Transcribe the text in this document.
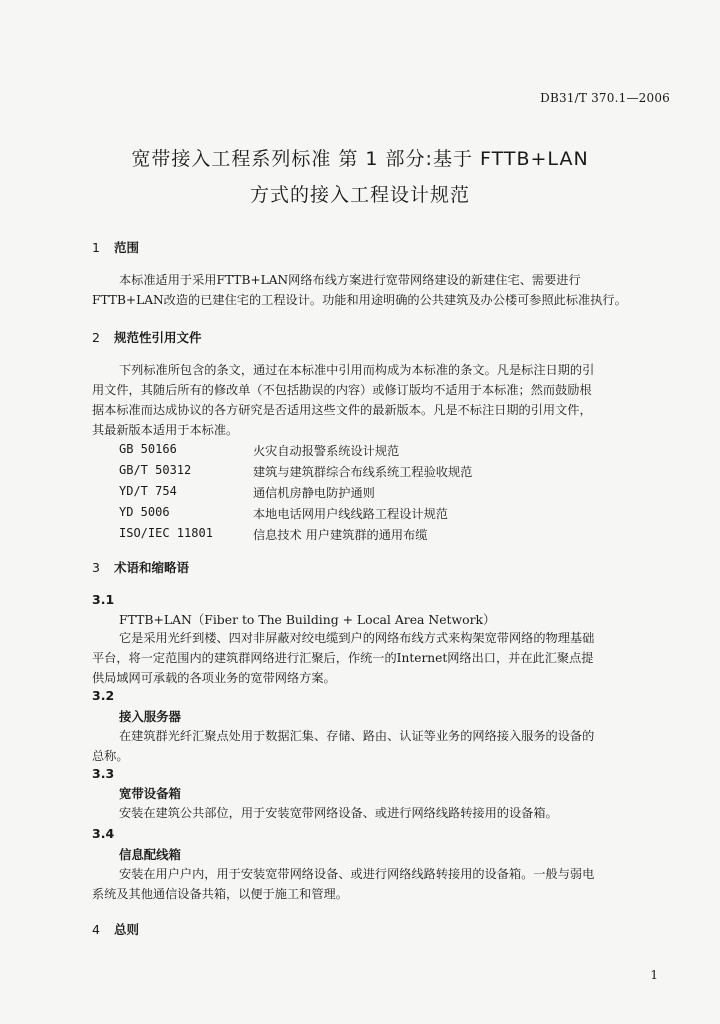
DB31/T 370.1—2006
宽带接入工程系列标准 第 1 部分:基于 FTTB+LAN
方式的接入工程设计规范
1 范围
本标准适用于采用FTTB+LAN网络布线方案进行宽带网络建设的新建住宅、需要进行
FTTB+LAN改造的已建住宅的工程设计。功能和用途明确的公共建筑及办公楼可参照此标准执行。
2 规范性引用文件
下列标准所包含的条文，通过在本标准中引用而构成为本标准的条文。凡是标注日期的引
用文件，其随后所有的修改单（不包括勘误的内容）或修订版均不适用于本标准；然而鼓励根
据本标准而达成协议的各方研究是否适用这些文件的最新版本。凡是不标注日期的引用文件，
其最新版本适用于本标准。
GB 50166	火灾自动报警系统设计规范
GB/T 50312	建筑与建筑群综合布线系统工程验收规范
YD/T 754	通信机房静电防护通则
YD 5006	本地电话网用户线线路工程设计规范
ISO/IEC 11801	信息技术 用户建筑群的通用布缆
3 术语和缩略语
3.1
FTTB+LAN（Fiber to The Building + Local Area Network）
它是采用光纤到楼、四对非屏蔽对绞电缆到户的网络布线方式来构架宽带网络的物理基础
平台，将一定范围内的建筑群网络进行汇聚后，作统一的Internet网络出口，并在此汇聚点提
供局域网可承载的各项业务的宽带网络方案。
3.2
接入服务器
在建筑群光纤汇聚点处用于数据汇集、存储、路由、认证等业务的网络接入服务的设备的
总称。
3.3
宽带设备箱
安装在建筑公共部位，用于安装宽带网络设备、或进行网络线路转接用的设备箱。
3.4
信息配线箱
安装在用户户内，用于安装宽带网络设备、或进行网络线路转接用的设备箱。一般与弱电
系统及其他通信设备共箱，以便于施工和管理。
4 总则
1
